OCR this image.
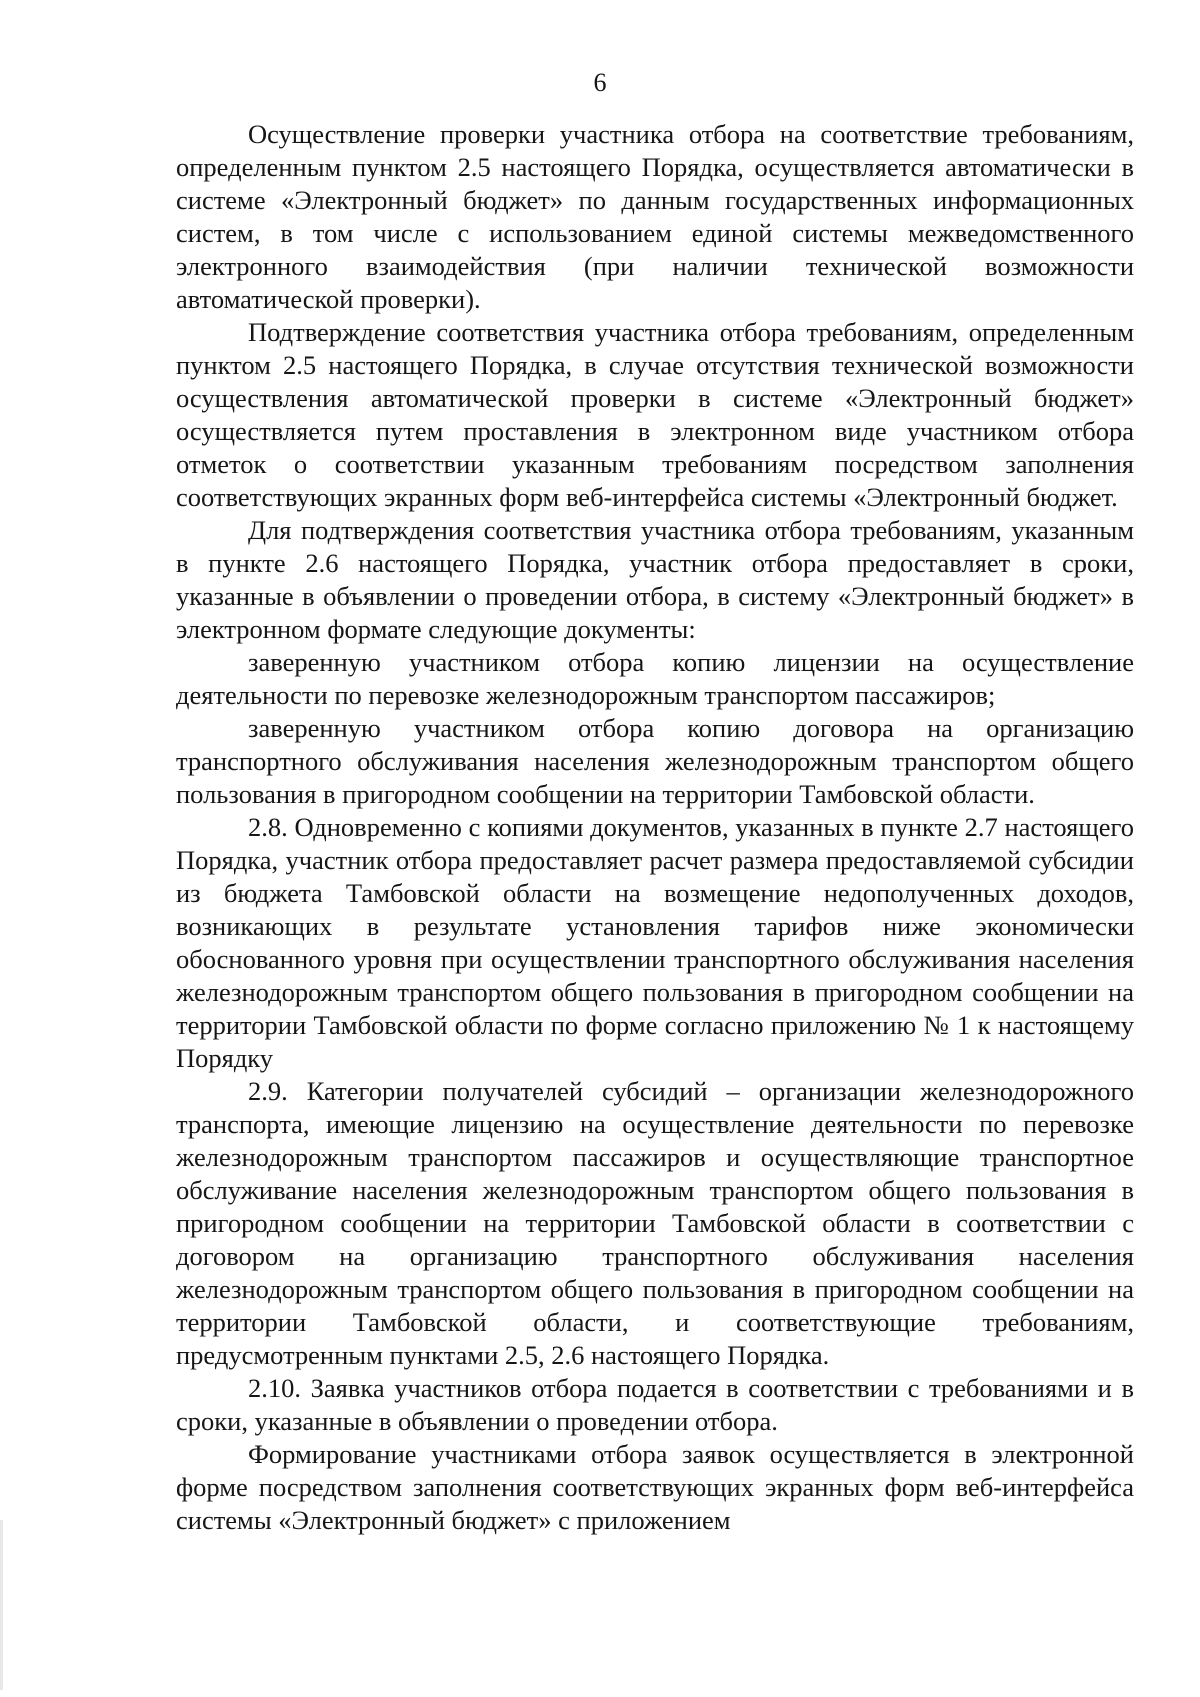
6

Осуществление проверки участника отбора на соответствие требованиям, определенным пунктом 2.5 настоящего Порядка, осуществляется автоматически в системе «Электронный бюджет» по данным государственных информационных систем, в том числе с использованием единой системы межведомственного электронного взаимодействия (при наличии технической возможности автоматической проверки).

Подтверждение соответствия участника отбора требованиям, определенным пунктом 2.5 настоящего Порядка, в случае отсутствия технической возможности осуществления автоматической проверки в системе «Электронный бюджет» осуществляется путем проставления в электронном виде участником отбора отметок о соответствии указанным требованиям посредством заполнения соответствующих экранных форм веб-интерфейса системы «Электронный бюджет.

Для подтверждения соответствия участника отбора требованиям, указанным в пункте 2.6 настоящего Порядка, участник отбора предоставляет в сроки, указанные в объявлении о проведении отбора, в систему «Электронный бюджет» в электронном формате следующие документы:

заверенную участником отбора копию лицензии на осуществление деятельности по перевозке железнодорожным транспортом пассажиров;

заверенную участником отбора копию договора на организацию транспортного обслуживания населения железнодорожным транспортом общего пользования в пригородном сообщении на территории Тамбовской области.

2.8. Одновременно с копиями документов, указанных в пункте 2.7 настоящего Порядка, участник отбора предоставляет расчет размера предоставляемой субсидии из бюджета Тамбовской области на возмещение недополученных доходов, возникающих в результате установления тарифов ниже экономически обоснованного уровня при осуществлении транспортного обслуживания населения железнодорожным транспортом общего пользования в пригородном сообщении на территории Тамбовской области по форме согласно приложению № 1 к настоящему Порядку

2.9. Категории получателей субсидий – организации железнодорожного транспорта, имеющие лицензию на осуществление деятельности по перевозке железнодорожным транспортом пассажиров и осуществляющие транспортное обслуживание населения железнодорожным транспортом общего пользования в пригородном сообщении на территории Тамбовской области в соответствии с договором на организацию транспортного обслуживания населения железнодорожным транспортом общего пользования в пригородном сообщении на территории Тамбовской области, и соответствующие требованиям, предусмотренным пунктами 2.5, 2.6 настоящего Порядка.

2.10. Заявка участников отбора подается в соответствии с требованиями и в сроки, указанные в объявлении о проведении отбора.

Формирование участниками отбора заявок осуществляется в электронной форме посредством заполнения соответствующих экранных форм веб-интерфейса системы «Электронный бюджет» с приложением
